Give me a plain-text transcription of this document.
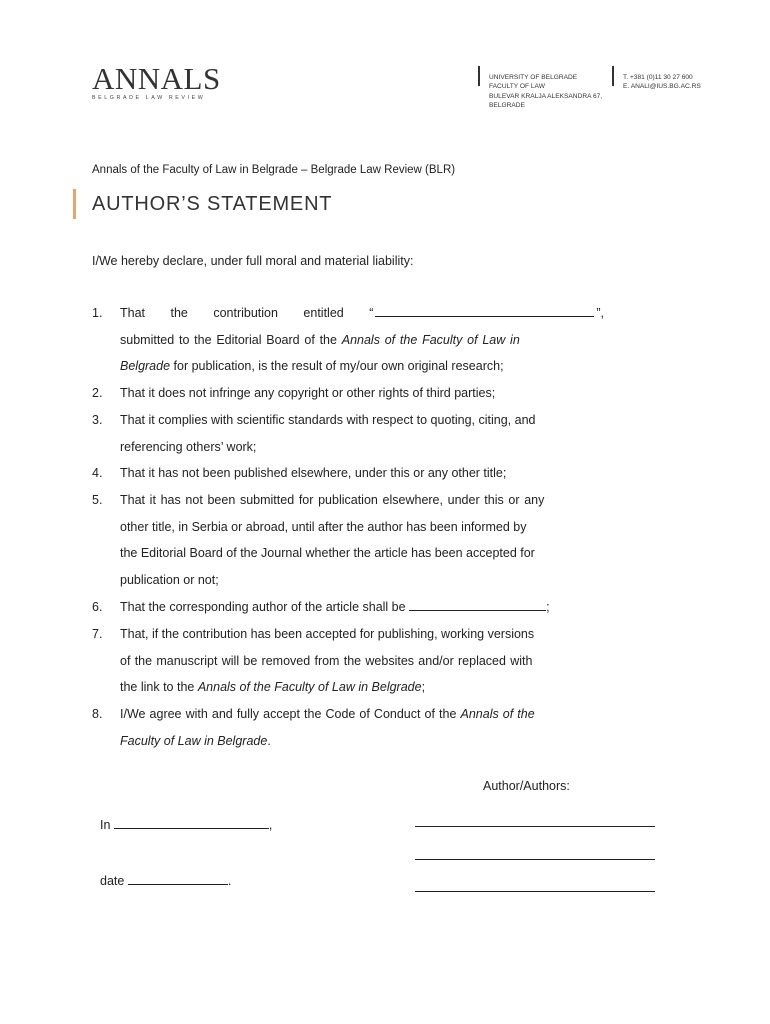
ANNALS
BELGRADE LAW REVIEW
UNIVERSITY OF BELGRADE
FACULTY OF LAW
BULEVAR KRALJA ALEKSANDRA 67,
BELGRADE
T. +381 (0)11 30 27 600
E. ANALI@IUS.BG.AC.RS
Annals of the Faculty of Law in Belgrade – Belgrade Law Review (BLR)
AUTHOR’S STATEMENT
I/We hereby declare, under full moral and material liability:
1. That the contribution entitled “	”,
submitted to the Editorial Board of the Annals of the Faculty of Law in
Belgrade for publication, is the result of my/our own original research;
2. That it does not infringe any copyright or other rights of third parties;
3. That it complies with scientific standards with respect to quoting, citing, and
referencing others’ work;
4. That it has not been published elsewhere, under this or any other title;
5. That it has not been submitted for publication elsewhere, under this or any
other title, in Serbia or abroad, until after the author has been informed by
the Editorial Board of the Journal whether the article has been accepted for
publication or not;
6. That the corresponding author of the article shall be	;
7. That, if the contribution has been accepted for publishing, working versions
of the manuscript will be removed from the websites and/or replaced with
the link to the Annals of the Faculty of Law in Belgrade;
8. I/We agree with and fully accept the Code of Conduct of the Annals of the
Faculty of Law in Belgrade.
Author/Authors:
In	,
date	.
